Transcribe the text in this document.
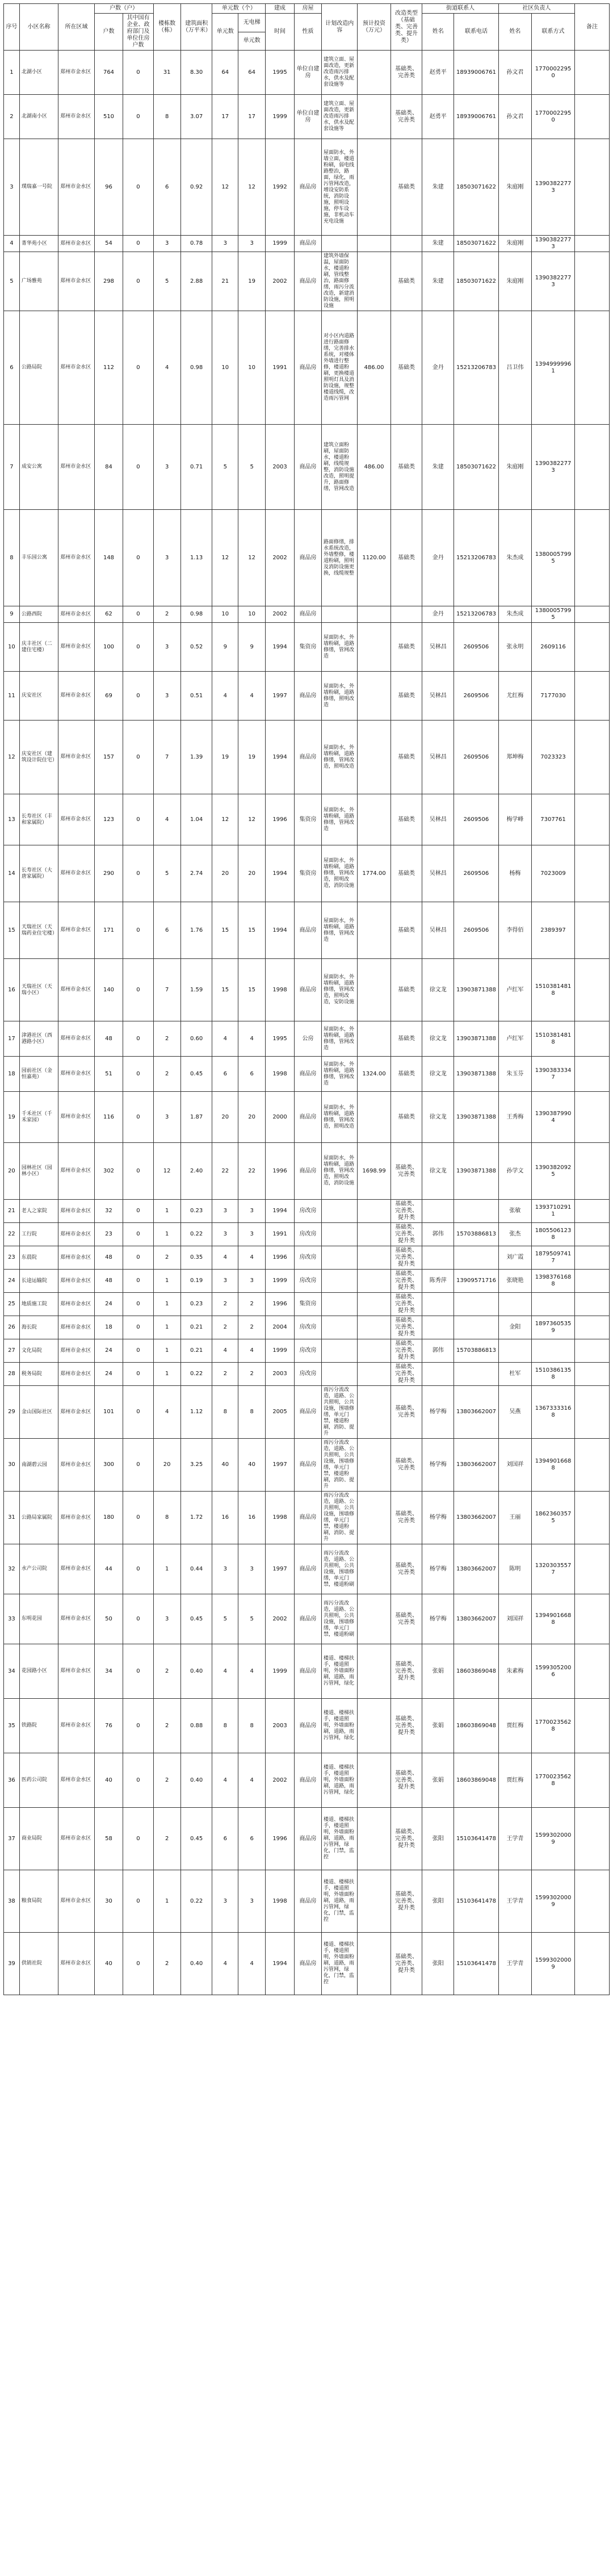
序号	小区名称	所在区域	户数（户）		楼栋数（栋）	建筑面积（万平米）	单元数（个）		建成	房屋	计划改造内容	预计投资（万元）	改造类型（基础类、完善类、提升类）	街道联系人		社区负责人		备注
			户数	其中国有企业、政府部门及单位住房户数			单元数	无电梯	时间	性质				姓名	联系电话	姓名	联系方式	
								单元数										
1	北湖小区	郑州市金水区	764	0	31	8.30	64	64	1995	单位自建房	建筑立面、屋面改造，更新改造雨污排水，供水及配套设施等		基础类、完善类	赵勇平	18939006761	孙文君	17700022950	
2	北湖南小区	郑州市金水区	510	0	8	3.07	17	17	1999	单位自建房	建筑立面、屋面改造，更新改造雨污排水，供水及配套设施等		基础类、完善类	赵勇平	18939006761	孙文君	17700022950	
3	璞瑞嘉一号院	郑州市金水区	96	0	6	0.92	12	12	1992	商品房	屋面防水，外墙立面，楼道粉刷，弱电线路整治，路面，绿化，雨污管网改造，增设安防系统，消防设施，照明设施，停车设施，非机动车充电设施		基础类	朱建	18503071622	朱庭刚	13903822773	
4	菁华苑小区	郑州市金水区	54	0	3	0.78	3	3	1999	商品房				朱建	18503071622	朱庭刚	13903822773	
5	广场雅苑	郑州市金水区	298	0	5	2.88	21	19	2002	商品房	建筑外墙保温，屋面防水，楼道粉刷，管线整治，路面修缮，雨污分流改造，新建消防设施，照明设施		基础类	朱建	18503071622	朱庭刚	13903822773	
6	公路局院	郑州市金水区	112	0	4	0.98	10	10	1991	商品房	对小区内道路进行路面修缮，完善排水系统，对楼体外墙进行整修，楼道粉刷，更换楼道照明灯具及消防设施，规整楼道线缆，改造雨污管网	486.00	基础类	金丹	15213206783	吕卫伟	13949999961	
7	成安公寓	郑州市金水区	84	0	3	0.71	5	5	2003	商品房	建筑立面粉刷，屋面防水，楼道粉刷，线缆规整，消防设施改造，照明提升，路面修缮，管网改造	486.00	基础类	朱建	18503071622	朱庭刚	13903822773	
8	丰乐园公寓	郑州市金水区	148	0	3	1.13	12	12	2002	商品房	路面修缮，排水系统改造，外墙整修，楼道粉刷，照明及消防设施更换，线缆规整	1120.00	基础类	金丹	15213206783	朱杰成	13800057995	
9	公路西院	郑州市金水区	62	0	2	0.98	10	10	2002	商品房				金丹	15213206783	朱杰成	13800057995	
10	庆丰社区（二建住宅楼）	郑州市金水区	100	0	3	0.52	9	9	1994	集资房	屋面防水，外墙粉刷，道路修缮，管网改造		基础类	吴林昌	2609506	张永明	2609116	
11	庆安社区	郑州市金水区	69	0	3	0.51	4	4	1997	商品房	屋面防水，外墙粉刷，道路修缮，照明改造		基础类	吴林昌	2609506	尤红梅	7177030	
12	庆安社区（建筑设计院住宅）	郑州市金水区	157	0	7	1.39	19	19	1994	商品房	屋面防水，外墙粉刷，道路修缮，管网改造，照明改造		基础类	吴林昌	2609506	郑坤梅	7023323	
13	长寿社区（丰和家属院）	郑州市金水区	123	0	4	1.04	12	12	1996	集资房	屋面防水，外墙粉刷，道路修缮，管网改造		基础类	吴林昌	2609506	梅学峰	7307761	
14	长寿社区（大唐家属院）	郑州市金水区	290	0	5	2.74	20	20	1994	集资房	屋面防水，外墙粉刷，道路修缮，管网改造，照明改造，消防设施	1774.00	基础类	吴林昌	2609506	杨梅	7023009	
15	天瑞社区（天瑞药业住宅楼）	郑州市金水区	171	0	6	1.76	15	15	1994	商品房	屋面防水，外墙粉刷，道路修缮，管网改造		基础类	吴林昌	2609506	李得佰	2389397	
16	天瑞社区（天瑞小区）	郑州市金水区	140	0	7	1.59	15	15	1998	商品房	屋面防水，外墙粉刷，道路修缮，管网改造，照明改造，安防设施		基础类	徐文龙	13903871388	卢红军	15103814818	
17	津港社区（西港路小区）	郑州市金水区	48	0	2	0.60	4	4	1995	公房	屋面防水，外墙粉刷，道路修缮，管网改造		基础类	徐文龙	13903871388	卢红军	15103814818	
18	园前社区（金恒嘉苑）	郑州市金水区	51	0	2	0.45	6	6	1998	商品房	屋面防水，外墙粉刷，道路修缮，管网改造	1324.00	基础类	徐文龙	13903871388	朱玉芬	13903833347	
19	千禾社区（千禾家园）	郑州市金水区	116	0	3	1.87	20	20	2000	商品房	屋面防水，外墙粉刷，道路修缮，管网改造，照明改造		基础类	徐文龙	13903871388	王秀梅	13903879904	
20	园林社区（园林小区）	郑州市金水区	302	0	12	2.40	22	22	1996	商品房	屋面防水，外墙粉刷，道路修缮，管网改造，照明改造，消防设施	1698.99	基础类、完善类	徐文龙	13903871388	孙学文	13903820925	
21	老人之家院	郑州市金水区	32	0	1	0.23	3	3	1994	房改房			基础类、完善类、提升类			张敏	13937102911	
22	工行院	郑州市金水区	23	0	1	0.22	3	3	1991	房改房			基础类、完善类、提升类	郭伟	15703886813	张杰	18055061238	
23	东晨院	郑州市金水区	48	0	2	0.35	4	4	1996	房改房			基础类、完善类、提升类			刘广霞	18795097417	
24	长途运输院	郑州市金水区	48	0	1	0.19	3	3	1999	房改房			基础类、完善类、提升类	陈秀萍	13909571716	张晓艳	13983761688	
25	地质施工院	郑州市金水区	24	0	1	0.23	2	2	1996	集资房			基础类、完善类、提升类					
26	海长院	郑州市金水区	18	0	1	0.21	2	2	2004	房改房			基础类、完善类、提升类			金阳	18973605359	
27	文化局院	郑州市金水区	24	0	1	0.21	4	4	1999	房改房			基础类、完善类、提升类	郭伟	15703886813			
28	税务局院	郑州市金水区	24	0	1	0.22	2	2	2003	房改房			基础类、完善类、提升类			杜军	15103861358	
29	金山国际社区	郑州市金水区	101	0	4	1.12	8	8	2005	商品房	雨污分流改造，道路、公共照明，公共设施，围墙修缮，单元门禁，楼道粉刷，消防、提升		基础类、完善类	杨学梅	13803662007	吴燕	13673333168	
30	南湖碧云园	郑州市金水区	300	0	20	3.25	40	40	1997	商品房	雨污分流改造，道路、公共照明，公共设施，围墙修缮，单元门禁，楼道粉刷，消防、提升		基础类、完善类	杨学梅	13803662007	刘国祥	13949016688	
31	公路局家属院	郑州市金水区	180	0	8	1.72	16	16	1998	商品房	雨污分流改造，道路、公共照明，公共设施，围墙修缮，单元门禁，楼道粉刷，消防、提升		基础类、完善类	杨学梅	13803662007	王丽	18623603575	
32	水产公司院	郑州市金水区	44	0	1	0.44	3	3	1997	商品房	雨污分流改造，道路、公共照明，公共设施，围墙修缮，单元门禁，楼道粉刷		基础类、完善类	杨学梅	13803662007	陈明	13203035577	
33	东明花园	郑州市金水区	50	0	3	0.45	5	5	2002	商品房	雨污分流改造，道路、公共照明，公共设施，围墙修缮，单元门禁，楼道粉刷		基础类、完善类	杨学梅	13803662007	刘国祥	13949016688	
34	花园路小区	郑州市金水区	34	0	2	0.40	4	4	1999	商品房	楼道、楼梯扶手，楼道照明，外墙面粉刷，道路，雨污管网，绿化		基础类、完善类、提升类	张娟	18603869048	朱素梅	15993052006	
35	铁路院	郑州市金水区	76	0	2	0.88	8	8	2003	商品房	楼道、楼梯扶手，楼道照明，外墙面粉刷，道路，雨污管网，绿化		基础类、完善类、提升类	张娟	18603869048	贾红梅	17700235628	
36	医药公司院	郑州市金水区	40	0	2	0.40	4	4	2002	商品房	楼道、楼梯扶手，楼道照明，外墙面粉刷，道路，雨污管网，绿化		基础类、完善类、提升类	张娟	18603869048	贾红梅	17700235628	
37	商业局院	郑州市金水区	58	0	2	0.45	6	6	1996	商品房	楼道、楼梯扶手，楼道照明，外墙面粉刷，道路，雨污管网，绿化，门禁，监控		基础类、完善类、提升类	张阳	15103641478	王学青	15993020009	
38	粮食局院	郑州市金水区	30	0	1	0.22	3	3	1998	商品房	楼道、楼梯扶手，楼道照明，外墙面粉刷，道路，雨污管网，绿化，门禁，监控		基础类、完善类、提升类	张阳	15103641478	王学青	15993020009	
39	供销社院	郑州市金水区	40	0	2	0.40	4	4	1994	商品房	楼道、楼梯扶手，楼道照明，外墙面粉刷，道路，雨污管网，绿化，门禁，监控		基础类、完善类、提升类	张阳	15103641478	王学青	15993020009	
